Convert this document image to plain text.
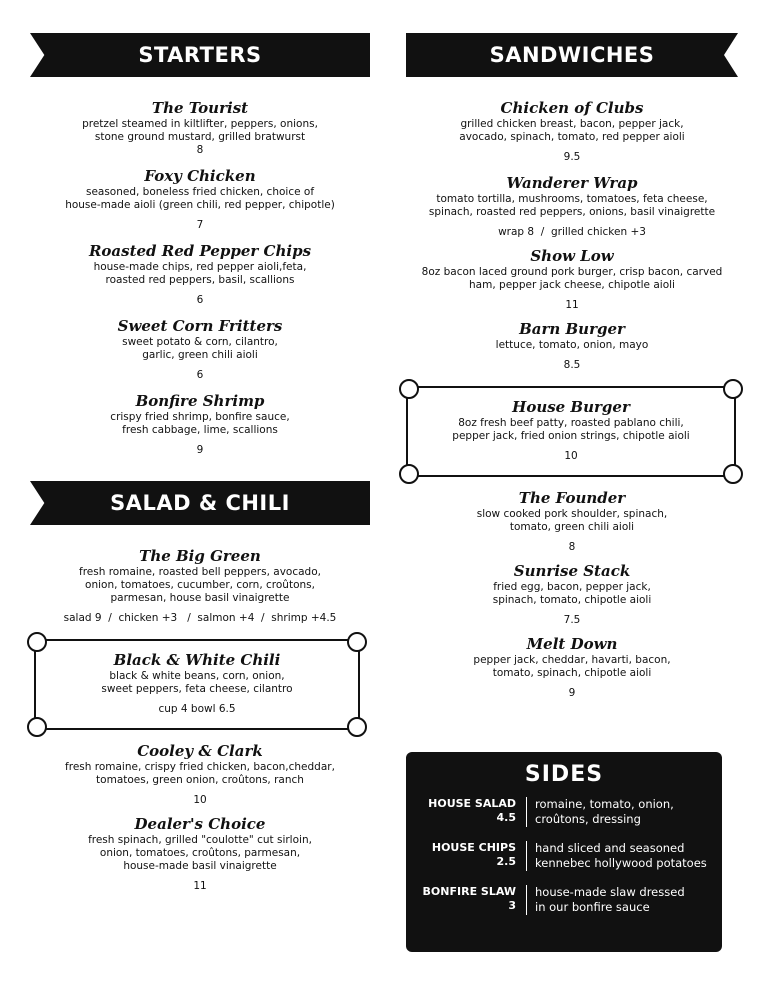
STARTERS
The Tourist
pretzel steamed in kiltlifter, peppers, onions,
stone ground mustard, grilled bratwurst
8
Foxy Chicken
seasoned, boneless fried chicken, choice of
house-made aioli (green chili, red pepper, chipotle)
7
Roasted Red Pepper Chips
house-made chips, red pepper aioli,feta,
roasted red peppers, basil, scallions
6
Sweet Corn Fritters
sweet potato & corn, cilantro,
garlic, green chili aioli
6
Bonfire Shrimp
crispy fried shrimp, bonfire sauce,
fresh cabbage, lime, scallions
9
SALAD & CHILI
The Big Green
fresh romaine, roasted bell peppers, avocado,
onion, tomatoes, cucumber, corn, croûtons,
parmesan, house basil vinaigrette
salad 9  /  chicken +3   /  salmon +4  /  shrimp +4.5
Black & White Chili
black & white beans, corn, onion,
sweet peppers, feta cheese, cilantro
cup 4 bowl 6.5
Cooley & Clark
fresh romaine, crispy fried chicken, bacon,cheddar,
tomatoes, green onion, croûtons, ranch
10
Dealer's Choice
fresh spinach, grilled "coulotte" cut sirloin,
onion, tomatoes, croûtons, parmesan,
house-made basil vinaigrette
11
SANDWICHES
Chicken of Clubs
grilled chicken breast, bacon, pepper jack,
avocado, spinach, tomato, red pepper aioli
9.5
Wanderer Wrap
tomato tortilla, mushrooms, tomatoes, feta cheese,
spinach, roasted red peppers, onions, basil vinaigrette
wrap 8  /  grilled chicken +3
Show Low
8oz bacon laced ground pork burger, crisp bacon, carved
ham, pepper jack cheese, chipotle aioli
11
Barn Burger
lettuce, tomato, onion, mayo
8.5
House Burger
8oz fresh beef patty, roasted pablano chili,
pepper jack, fried onion strings, chipotle aioli
10
The Founder
slow cooked pork shoulder, spinach,
tomato, green chili aioli
8
Sunrise Stack
fried egg, bacon, pepper jack,
spinach, tomato, chipotle aioli
7.5
Melt Down
pepper jack, cheddar, havarti, bacon,
tomato, spinach, chipotle aioli
9
SIDES
HOUSE SALAD
4.5
romaine, tomato, onion,
croûtons, dressing
HOUSE CHIPS
2.5
hand sliced and seasoned
kennebec hollywood potatoes
BONFIRE SLAW
3
house-made slaw dressed
in our bonfire sauce
